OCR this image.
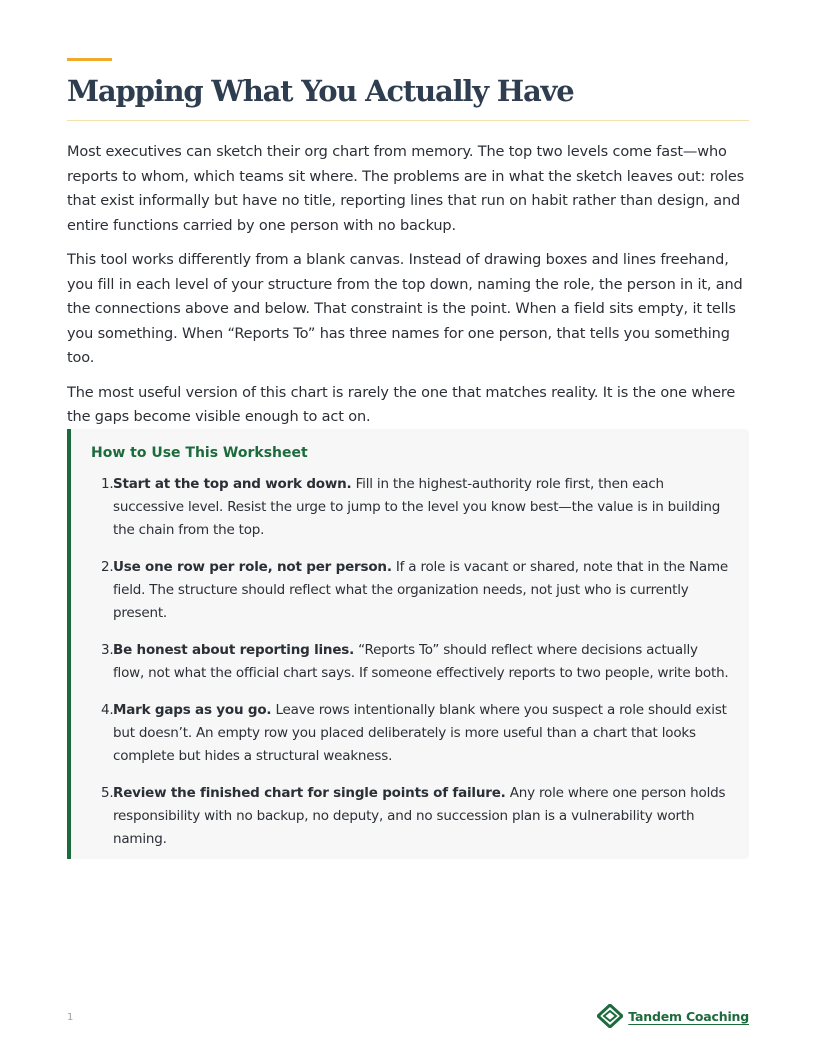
Mapping What You Actually Have

Most executives can sketch their org chart from memory. The top two levels come fast—who reports to whom, which teams sit where. The problems are in what the sketch leaves out: roles that exist informally but have no title, reporting lines that run on habit rather than design, and entire functions carried by one person with no backup.

This tool works differently from a blank canvas. Instead of drawing boxes and lines freehand, you fill in each level of your structure from the top down, naming the role, the person in it, and the connections above and below. That constraint is the point. When a field sits empty, it tells you something. When “Reports To” has three names for one person, that tells you something too.

The most useful version of this chart is rarely the one that matches reality. It is the one where the gaps become visible enough to act on.

How to Use This Worksheet
1. Start at the top and work down. Fill in the highest-authority role first, then each successive level. Resist the urge to jump to the level you know best—the value is in building the chain from the top.
2. Use one row per role, not per person. If a role is vacant or shared, note that in the Name field. The structure should reflect what the organization needs, not just who is currently present.
3. Be honest about reporting lines. “Reports To” should reflect where decisions actually flow, not what the official chart says. If someone effectively reports to two people, write both.
4. Mark gaps as you go. Leave rows intentionally blank where you suspect a role should exist but doesn’t. An empty row you placed deliberately is more useful than a chart that looks complete but hides a structural weakness.
5. Review the finished chart for single points of failure. Any role where one person holds responsibility with no backup, no deputy, and no succession plan is a vulnerability worth naming.
1	Tandem Coaching
